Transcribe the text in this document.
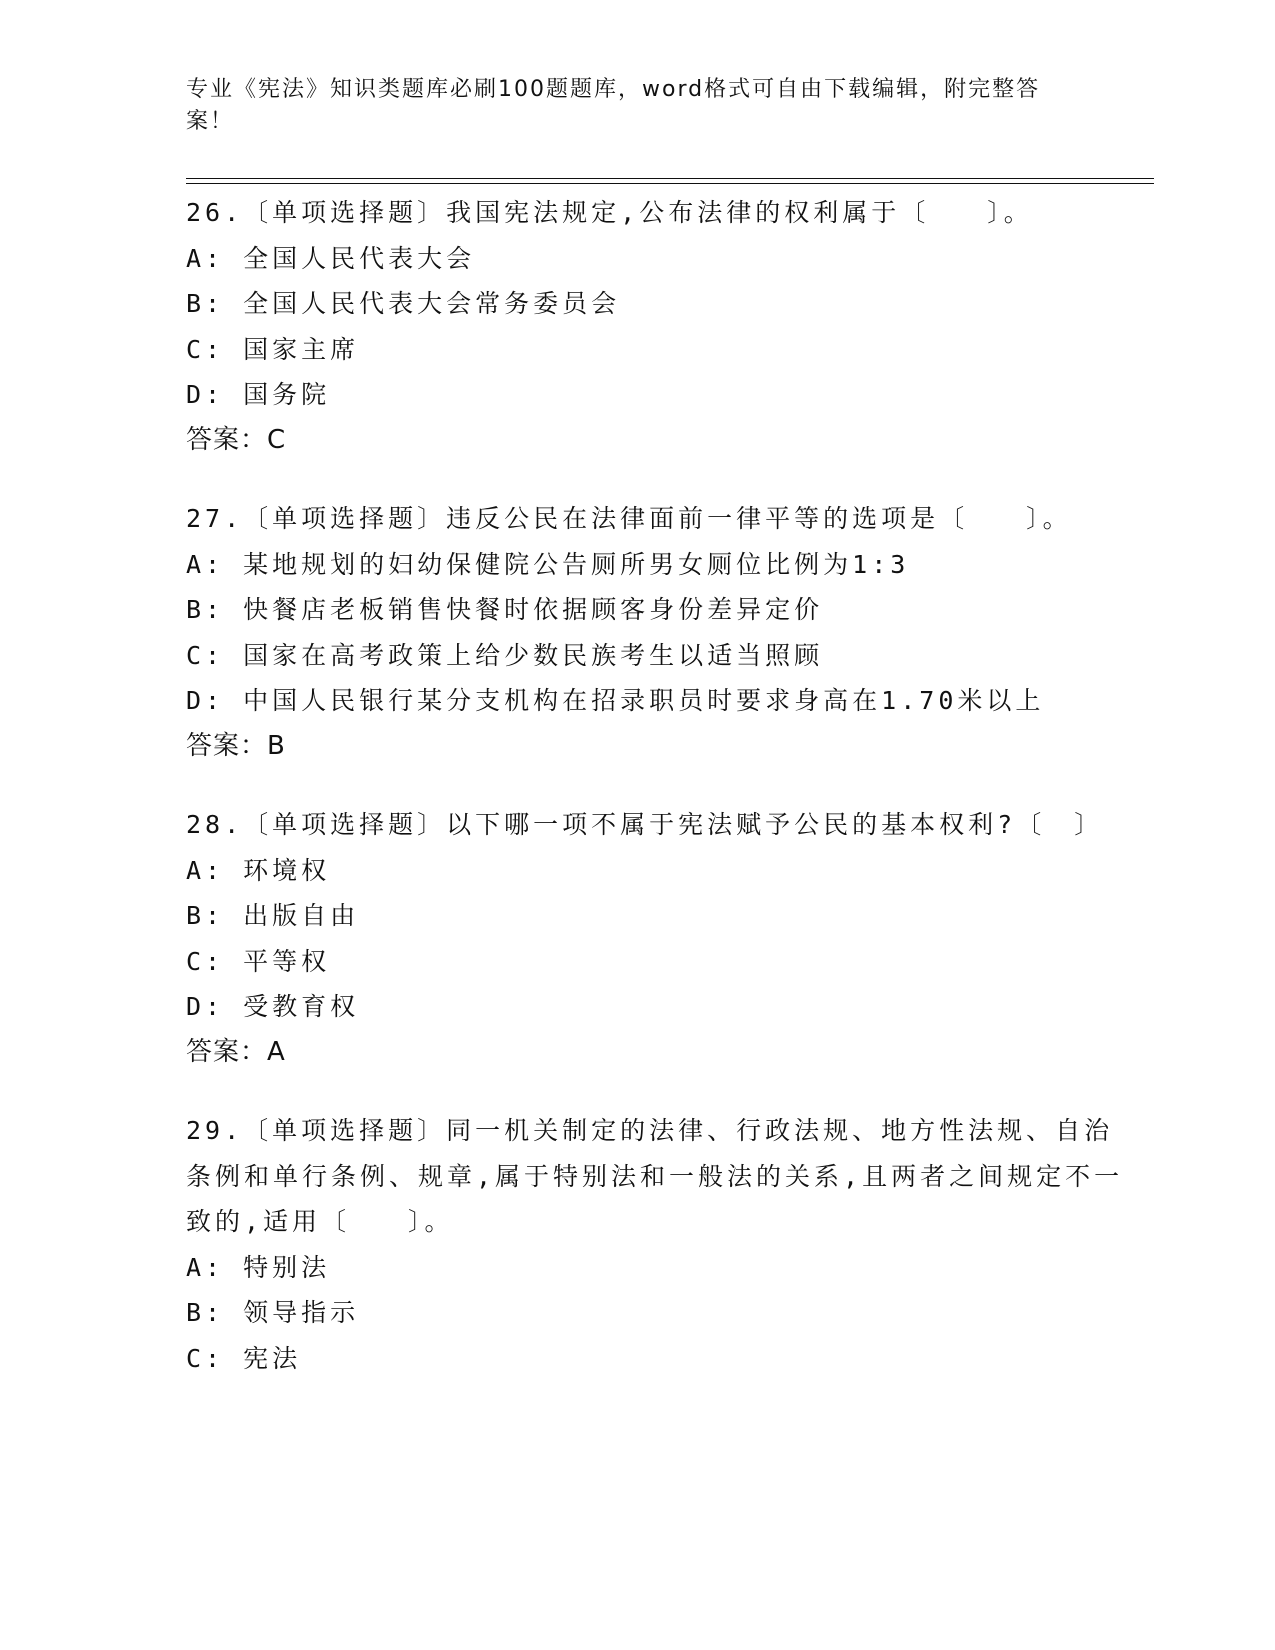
专业《宪法》知识类题库必刷100题题库，word格式可自由下载编辑，附完整答案！
26.〔单项选择题〕我国宪法规定,公布法律的权利属于〔　　〕。
A: 全国人民代表大会
B: 全国人民代表大会常务委员会
C: 国家主席
D: 国务院
答案：C
27.〔单项选择题〕违反公民在法律面前一律平等的选项是〔　　〕。
A: 某地规划的妇幼保健院公告厕所男女厕位比例为1:3
B: 快餐店老板销售快餐时依据顾客身份差异定价
C: 国家在高考政策上给少数民族考生以适当照顾
D: 中国人民银行某分支机构在招录职员时要求身高在1.70米以上
答案：B
28.〔单项选择题〕以下哪一项不属于宪法赋予公民的基本权利?〔　〕
A: 环境权
B: 出版自由
C: 平等权
D: 受教育权
答案：A
29.〔单项选择题〕同一机关制定的法律、行政法规、地方性法规、自治条例和单行条例、规章,属于特别法和一般法的关系,且两者之间规定不一致的,适用〔　　〕。
A: 特别法
B: 领导指示
C: 宪法
